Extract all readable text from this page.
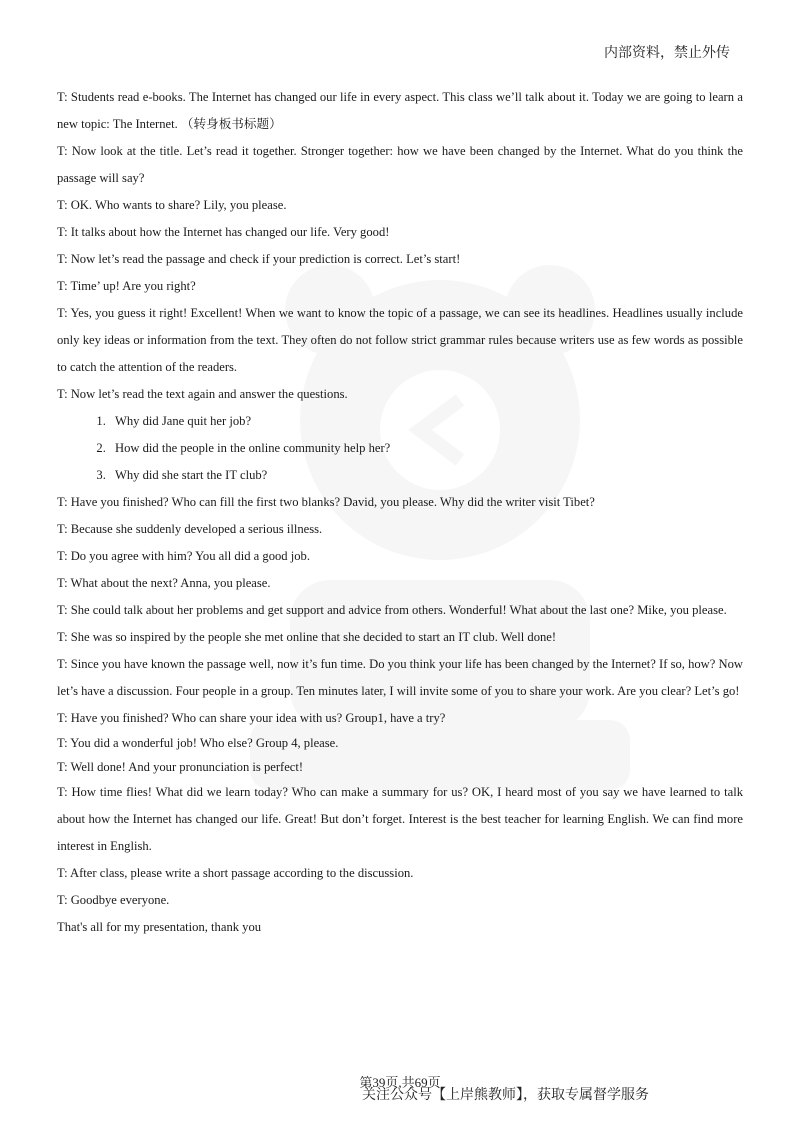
内部资料，禁止外传

T: Students read e-books. The Internet has changed our life in every aspect. This class we’ll talk about it. Today we are going to learn a new topic: The Internet. （转身板书标题）

T: Now look at the title. Let’s read it together. Stronger together: how we have been changed by the Internet. What do you think the passage will say?

T: OK. Who wants to share? Lily, you please.

T: It talks about how the Internet has changed our life. Very good!

T: Now let’s read the passage and check if your prediction is correct. Let’s start!

T: Time’ up! Are you right?

T: Yes, you guess it right! Excellent! When we want to know the topic of a passage, we can see its headlines. Headlines usually include only key ideas or information from the text. They often do not follow strict grammar rules because writers use as few words as possible to catch the attention of the readers.

T: Now let’s read the text again and answer the questions.

1. Why did Jane quit her job?
2. How did the people in the online community help her?
3. Why did she start the IT club?

T: Have you finished? Who can fill the first two blanks? David, you please. Why did the writer visit Tibet?

T: Because she suddenly developed a serious illness.

T: Do you agree with him? You all did a good job.

T: What about the next? Anna, you please.

T: She could talk about her problems and get support and advice from others. Wonderful! What about the last one? Mike, you please.

T: She was so inspired by the people she met online that she decided to start an IT club. Well done!

T: Since you have known the passage well, now it’s fun time. Do you think your life has been changed by the Internet? If so, how? Now let’s have a discussion. Four people in a group. Ten minutes later, I will invite some of you to share your work. Are you clear? Let’s go!

T: Have you finished? Who can share your idea with us? Group1, have a try?

T: You did a wonderful job! Who else? Group 4, please.

T: Well done! And your pronunciation is perfect!

T: How time flies! What did we learn today? Who can make a summary for us? OK, I heard most of you say we have learned to talk about how the Internet has changed our life. Great! But don’t forget. Interest is the best teacher for learning English. We can find more interest in English.

T: After class, please write a short passage according to the discussion.

T: Goodbye everyone.

That's all for my presentation, thank you

第39页,共69页
关注公众号【上岸熊教师】，获取专属督学服务
